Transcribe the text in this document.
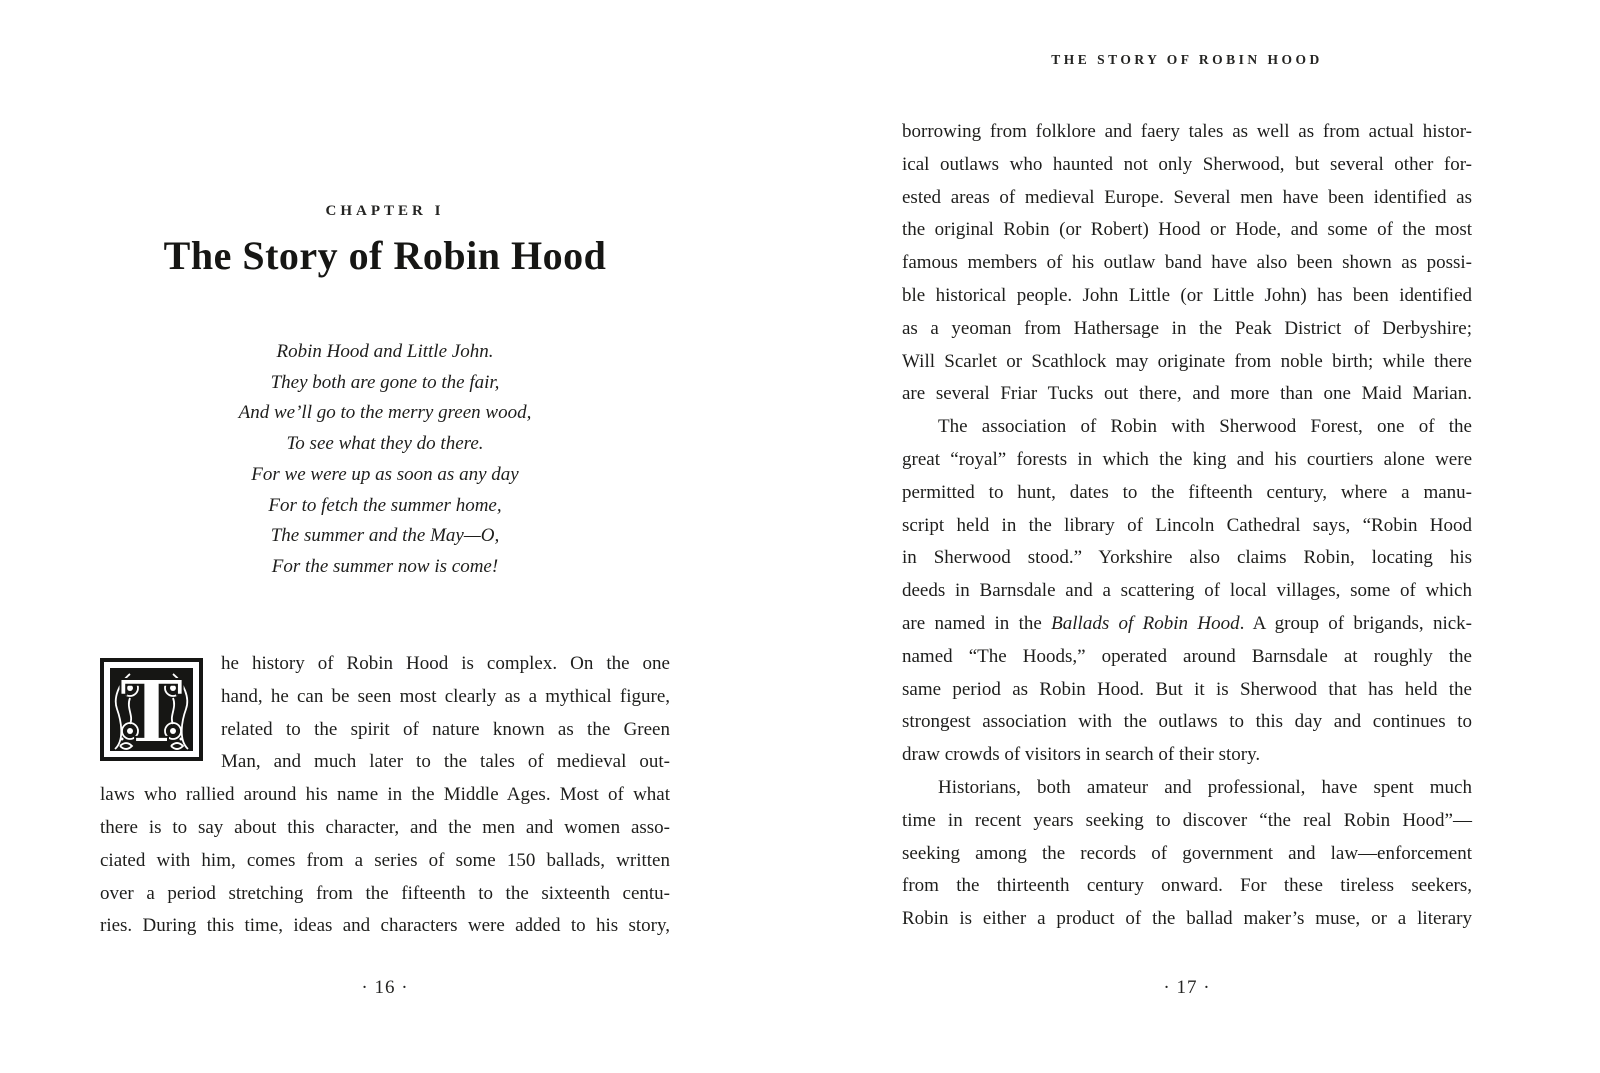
CHAPTER I
The Story of Robin Hood
Robin Hood and Little John.
They both are gone to the fair,
And we’ll go to the merry green wood,
To see what they do there.
For we were up as soon as any day
For to fetch the summer home,
The summer and the May—O,
For the summer now is come!
T he history of Robin Hood is complex. On the one
hand, he can be seen most clearly as a mythical figure,
related to the spirit of nature known as the Green
Man, and much later to the tales of medieval out-
laws who rallied around his name in the Middle Ages. Most of what
there is to say about this character, and the men and women asso-
ciated with him, comes from a series of some 150 ballads, written
over a period stretching from the fifteenth to the sixteenth centu-
ries. During this time, ideas and characters were added to his story,
· 16 ·
THE STORY OF ROBIN HOOD
borrowing from folklore and faery tales as well as from actual histor-
ical outlaws who haunted not only Sherwood, but several other for-
ested areas of medieval Europe. Several men have been identified as
the original Robin (or Robert) Hood or Hode, and some of the most
famous members of his outlaw band have also been shown as possi-
ble historical people. John Little (or Little John) has been identified
as a yeoman from Hathersage in the Peak District of Derbyshire;
Will Scarlet or Scathlock may originate from noble birth; while there
are several Friar Tucks out there, and more than one Maid Marian.
The association of Robin with Sherwood Forest, one of the
great “royal” forests in which the king and his courtiers alone were
permitted to hunt, dates to the fifteenth century, where a manu-
script held in the library of Lincoln Cathedral says, “Robin Hood
in Sherwood stood.” Yorkshire also claims Robin, locating his
deeds in Barnsdale and a scattering of local villages, some of which
are named in the Ballads of Robin Hood. A group of brigands, nick-
named “The Hoods,” operated around Barnsdale at roughly the
same period as Robin Hood. But it is Sherwood that has held the
strongest association with the outlaws to this day and continues to
draw crowds of visitors in search of their story.
Historians, both amateur and professional, have spent much
time in recent years seeking to discover “the real Robin Hood”—
seeking among the records of government and law—enforcement
from the thirteenth century onward. For these tireless seekers,
Robin is either a product of the ballad maker’s muse, or a literary
· 17 ·
